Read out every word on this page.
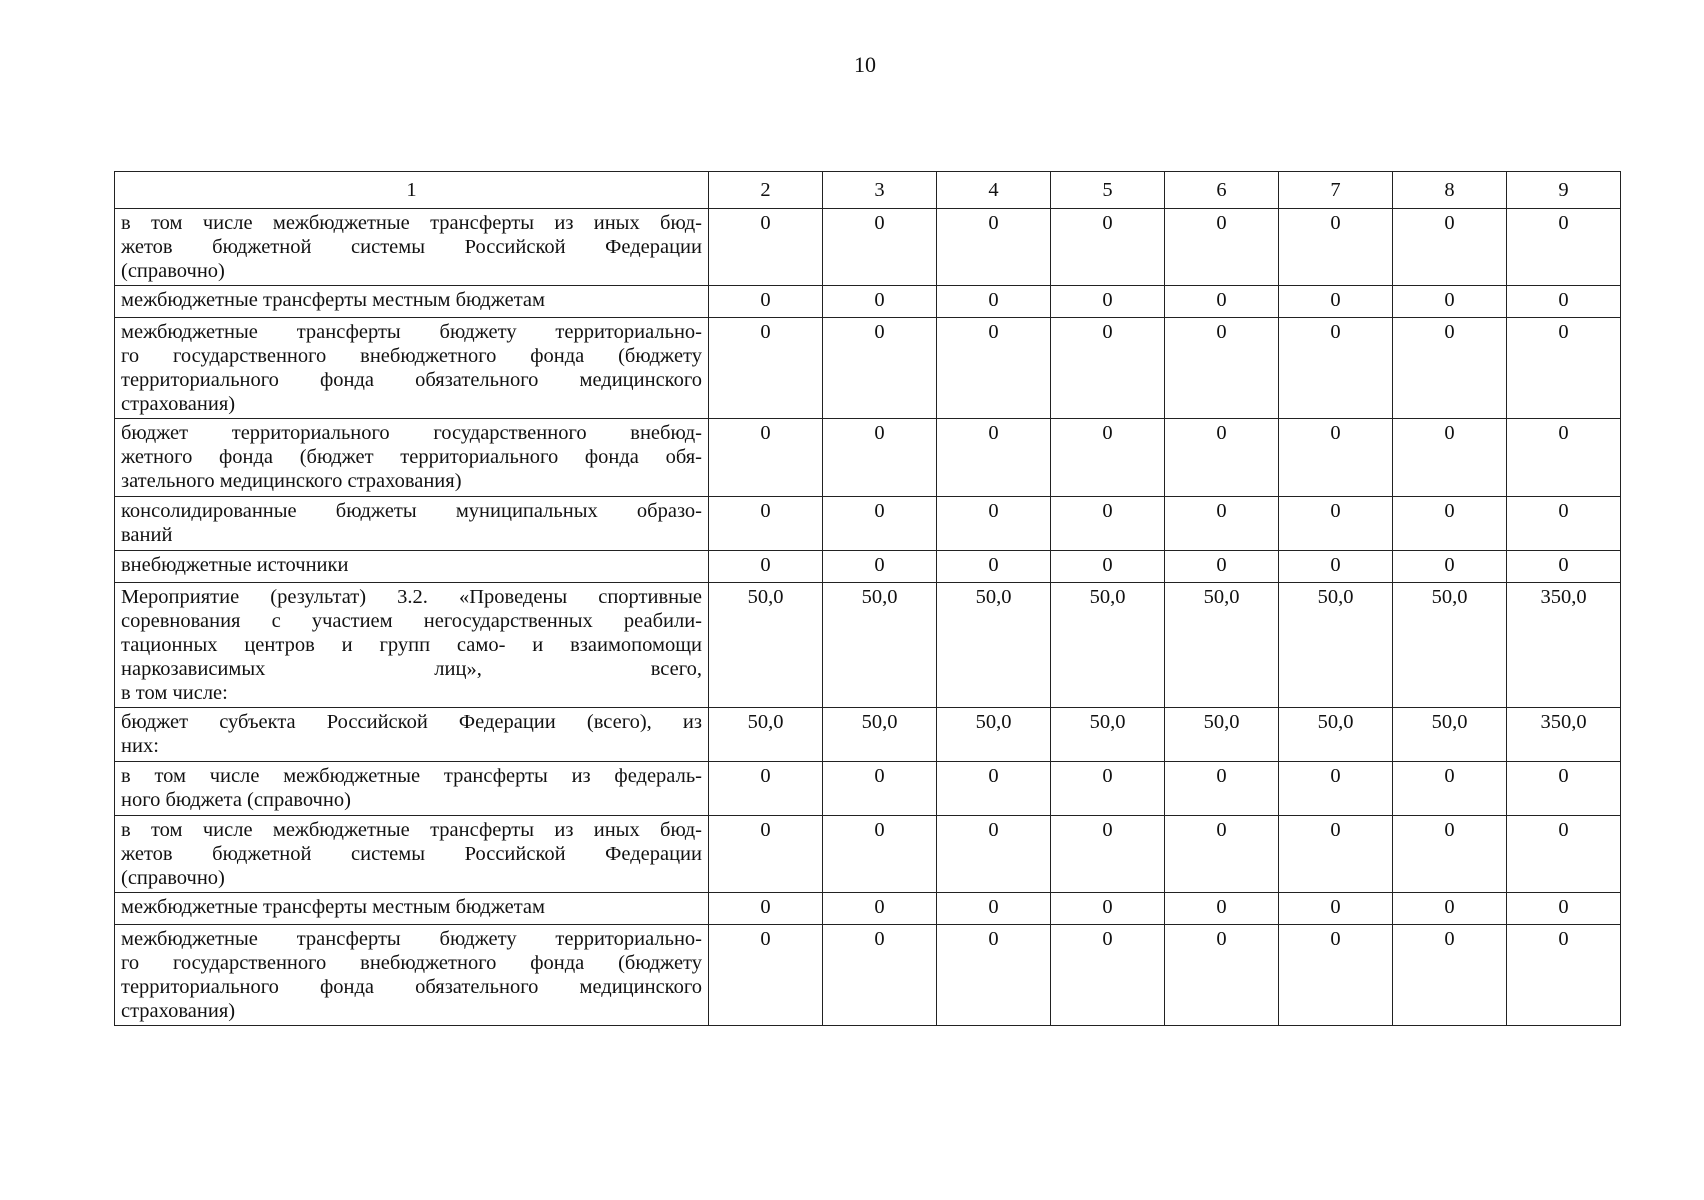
10
1	2	3	4	5	6	7	8	9

в том числе межбюджетные трансферты из иных бюд-
жетов бюджетной системы Российской Федерации
(справочно)	0	0	0	0	0	0	0	0

межбюджетные трансферты местным бюджетам	0	0	0	0	0	0	0	0

межбюджетные трансферты бюджету территориально-
го государственного внебюджетного фонда (бюджету
территориального фонда обязательного медицинского
страхования)	0	0	0	0	0	0	0	0

бюджет территориального государственного внебюд-
жетного фонда (бюджет территориального фонда обя-
зательного медицинского страхования)	0	0	0	0	0	0	0	0

консолидированные бюджеты муниципальных образо-
ваний	0	0	0	0	0	0	0	0

внебюджетные источники	0	0	0	0	0	0	0	0

Мероприятие (результат) 3.2. «Проведены спортивные
соревнования с участием негосударственных реабили-
тационных центров и групп само- и взаимопомощи
наркозависимых лиц», всего,
в том числе:	50,0	50,0	50,0	50,0	50,0	50,0	50,0	350,0

бюджет субъекта Российской Федерации (всего), из
них:	50,0	50,0	50,0	50,0	50,0	50,0	50,0	350,0

в том числе межбюджетные трансферты из федераль-
ного бюджета (справочно)	0	0	0	0	0	0	0	0

в том числе межбюджетные трансферты из иных бюд-
жетов бюджетной системы Российской Федерации
(справочно)	0	0	0	0	0	0	0	0

межбюджетные трансферты местным бюджетам	0	0	0	0	0	0	0	0

межбюджетные трансферты бюджету территориально-
го государственного внебюджетного фонда (бюджету
территориального фонда обязательного медицинского
страхования)	0	0	0	0	0	0	0	0
